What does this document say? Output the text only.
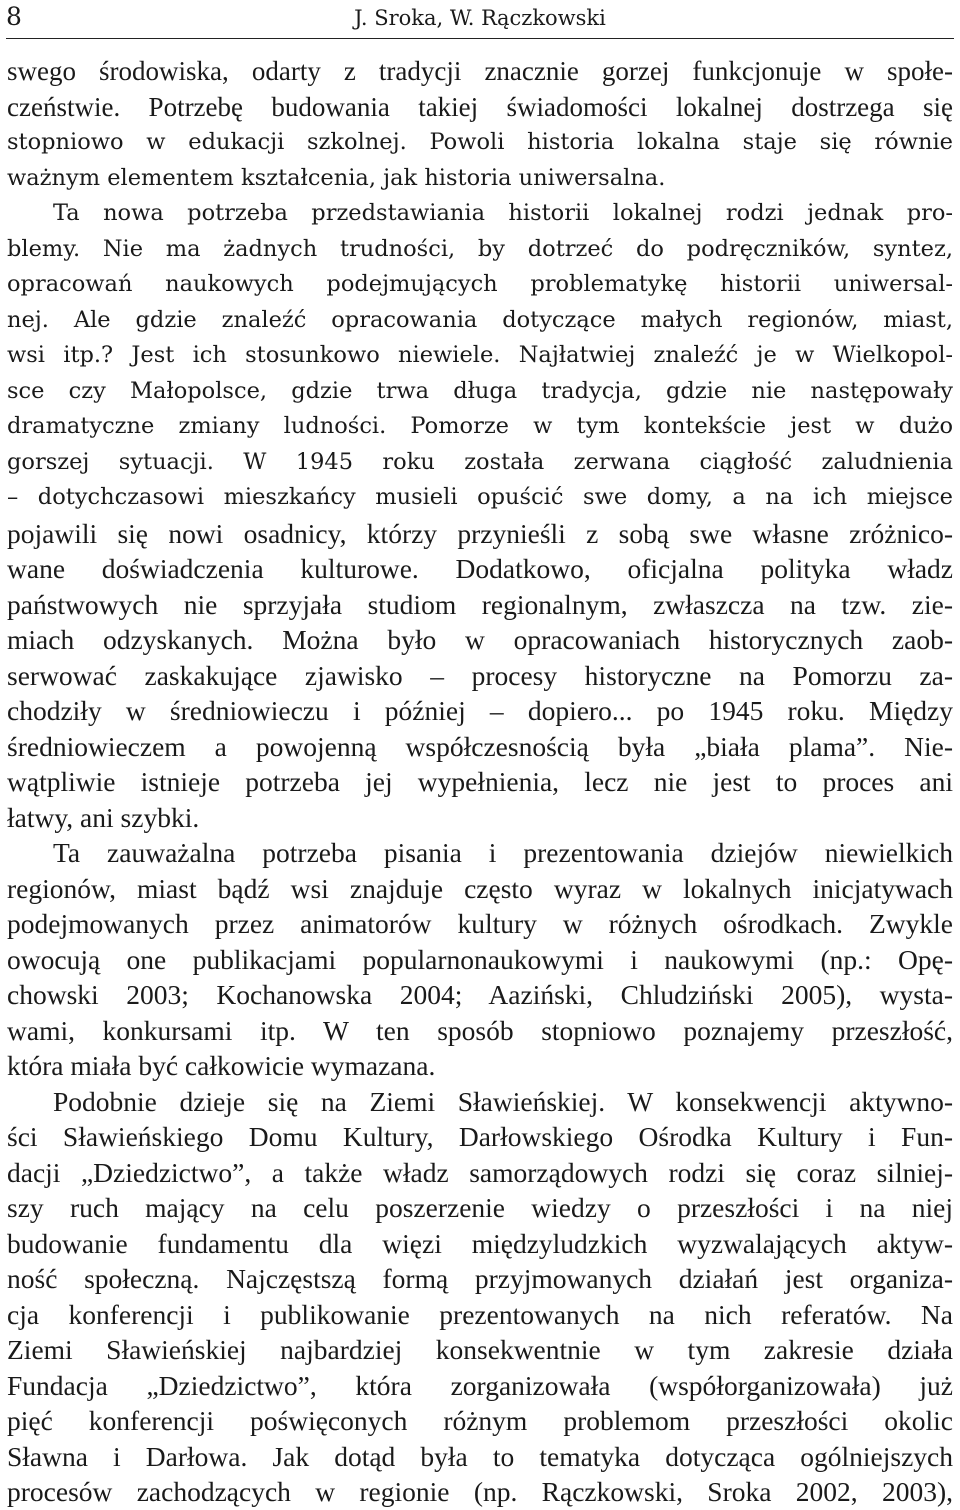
8	J. Sroka, W. Rączkowski
swego środowiska, odarty z tradycji znacznie gorzej funkcjonuje w społe-
czeństwie. Potrzebę budowania takiej świadomości lokalnej dostrzega się
stopniowo w edukacji szkolnej. Powoli historia lokalna staje się równie
ważnym elementem kształcenia, jak historia uniwersalna.
Ta nowa potrzeba przedstawiania historii lokalnej rodzi jednak pro-
blemy. Nie ma żadnych trudności, by dotrzeć do podręczników, syntez,
opracowań naukowych podejmujących problematykę historii uniwersal-
nej. Ale gdzie znaleźć opracowania dotyczące małych regionów, miast,
wsi itp.? Jest ich stosunkowo niewiele. Najłatwiej znaleźć je w Wielkopol-
sce czy Małopolsce, gdzie trwa długa tradycja, gdzie nie następowały
dramatyczne zmiany ludności. Pomorze w tym kontekście jest w dużo
gorszej sytuacji. W 1945 roku została zerwana ciągłość zaludnienia
– dotychczasowi mieszkańcy musieli opuścić swe domy, a na ich miejsce
pojawili się nowi osadnicy, którzy przynieśli z sobą swe własne zróżnico-
wane doświadczenia kulturowe. Dodatkowo, oficjalna polityka władz
państwowych nie sprzyjała studiom regionalnym, zwłaszcza na tzw. zie-
miach odzyskanych. Można było w opracowaniach historycznych zaob-
serwować zaskakujące zjawisko – procesy historyczne na Pomorzu za-
chodziły w średniowieczu i później – dopiero... po 1945 roku. Między
średniowieczem a powojenną współczesnością była „biała plama”. Nie-
wątpliwie istnieje potrzeba jej wypełnienia, lecz nie jest to proces ani
łatwy, ani szybki.
Ta zauważalna potrzeba pisania i prezentowania dziejów niewielkich
regionów, miast bądź wsi znajduje często wyraz w lokalnych inicjatywach
podejmowanych przez animatorów kultury w różnych ośrodkach. Zwykle
owocują one publikacjami popularnonaukowymi i naukowymi (np.: Opę-
chowski 2003; Kochanowska 2004; Aaziński, Chludziński 2005), wysta-
wami, konkursami itp. W ten sposób stopniowo poznajemy przeszłość,
która miała być całkowicie wymazana.
Podobnie dzieje się na Ziemi Sławieńskiej. W konsekwencji aktywno-
ści Sławieńskiego Domu Kultury, Darłowskiego Ośrodka Kultury i Fun-
dacji „Dziedzictwo”, a także władz samorządowych rodzi się coraz silniej-
szy ruch mający na celu poszerzenie wiedzy o przeszłości i na niej
budowanie fundamentu dla więzi międzyludzkich wyzwalających aktyw-
ność społeczną. Najczęstszą formą przyjmowanych działań jest organiza-
cja konferencji i publikowanie prezentowanych na nich referatów. Na
Ziemi Sławieńskiej najbardziej konsekwentnie w tym zakresie działa
Fundacja „Dziedzictwo”, która zorganizowała (współorganizowała) już
pięć konferencji poświęconych różnym problemom przeszłości okolic
Sławna i Darłowa. Jak dotąd była to tematyka dotycząca ogólniejszych
procesów zachodzących w regionie (np. Rączkowski, Sroka 2002, 2003),
